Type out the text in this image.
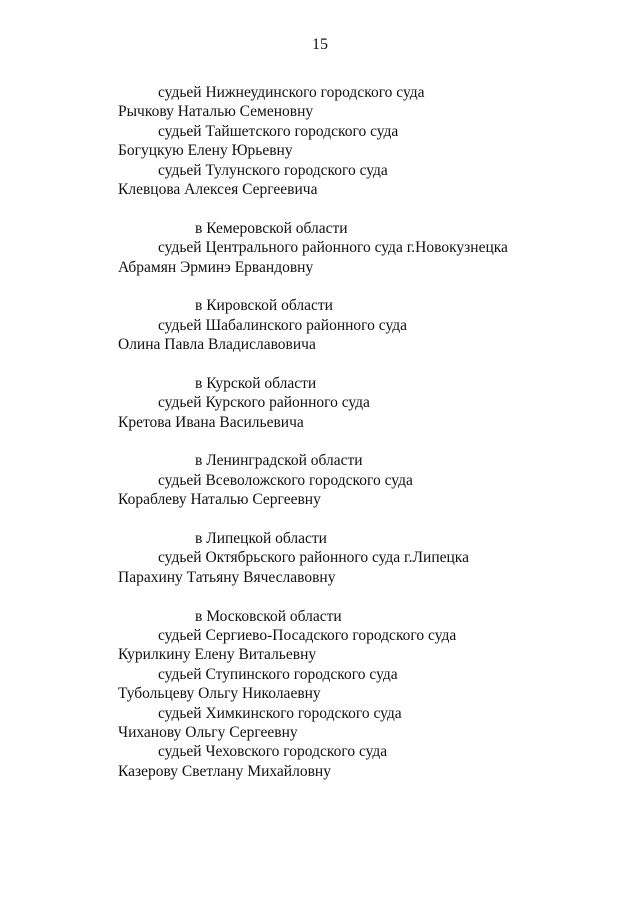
15
судьей Нижнеудинского городского суда
Рычкову Наталью Семеновну
судьей Тайшетского городского суда
Богуцкую Елену Юрьевну
судьей Тулунского городского суда
Клевцова Алексея Сергеевича
в Кемеровской области
судьей Центрального районного суда г.Новокузнецка
Абрамян Эрминэ Ервандовну
в Кировской области
судьей Шабалинского районного суда
Олина Павла Владиславовича
в Курской области
судьей Курского районного суда
Кретова Ивана Васильевича
в Ленинградской области
судьей Всеволожского городского суда
Кораблеву Наталью Сергеевну
в Липецкой области
судьей Октябрьского районного суда г.Липецка
Парахину Татьяну Вячеславовну
в Московской области
судьей Сергиево-Посадского городского суда
Курилкину Елену Витальевну
судьей Ступинского городского суда
Тубольцеву Ольгу Николаевну
судьей Химкинского городского суда
Чиханову Ольгу Сергеевну
судьей Чеховского городского суда
Казерову Светлану Михайловну
